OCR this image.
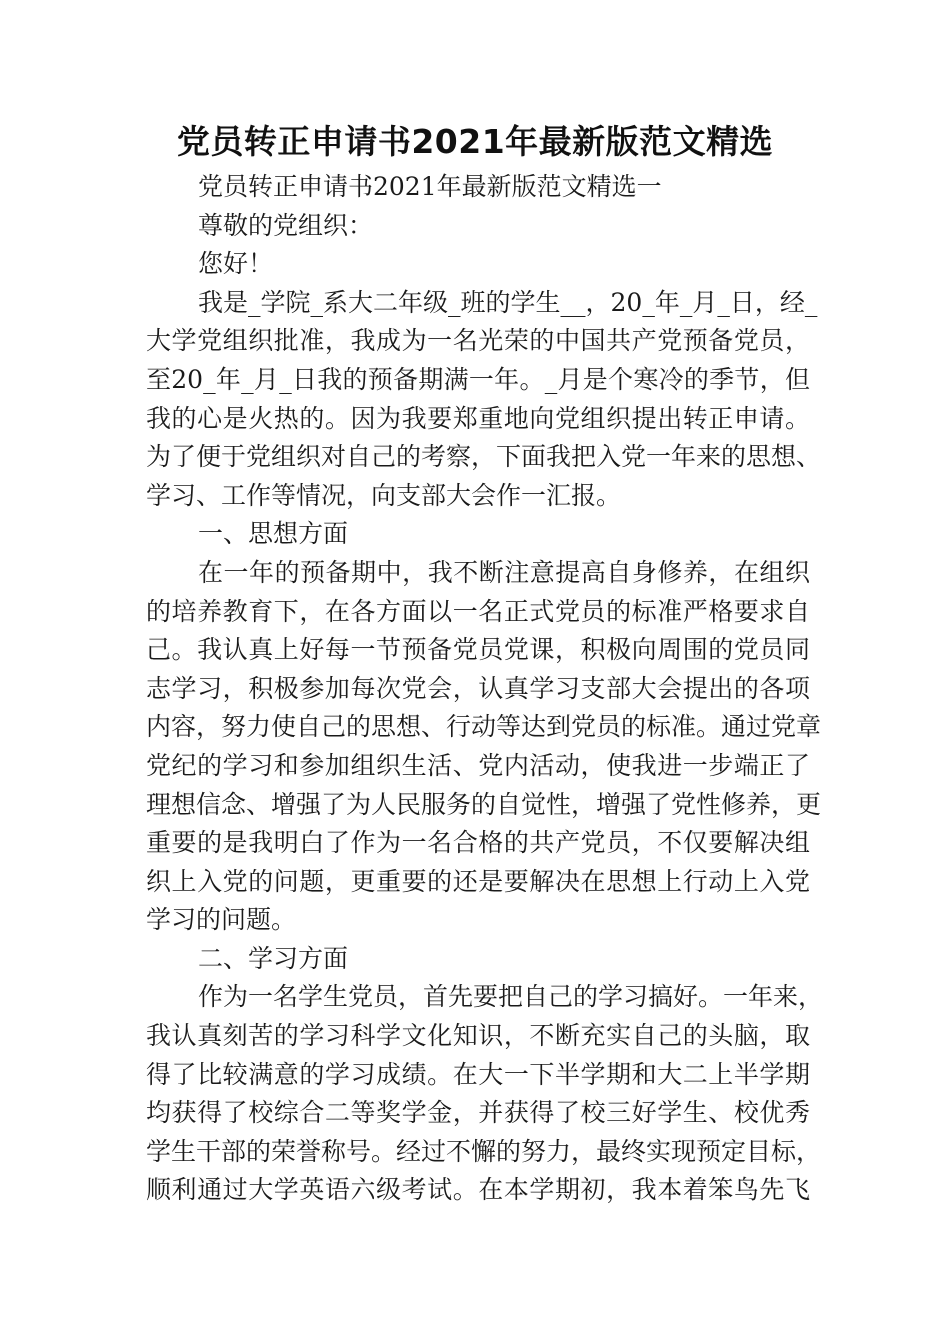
党员转正申请书2021年最新版范文精选
党员转正申请书2021年最新版范文精选一
尊敬的党组织：
您好！
我是_学院_系大二年级_班的学生__，20_年_月_日，经_
大学党组织批准，我成为一名光荣的中国共产党预备党员，
至20_年_月_日我的预备期满一年。_月是个寒冷的季节，但
我的心是火热的。因为我要郑重地向党组织提出转正申请。
为了便于党组织对自己的考察，下面我把入党一年来的思想、
学习、工作等情况，向支部大会作一汇报。
一、思想方面
在一年的预备期中，我不断注意提高自身修养，在组织
的培养教育下，在各方面以一名正式党员的标准严格要求自
己。我认真上好每一节预备党员党课，积极向周围的党员同
志学习，积极参加每次党会，认真学习支部大会提出的各项
内容，努力使自己的思想、行动等达到党员的标准。通过党章
党纪的学习和参加组织生活、党内活动，使我进一步端正了
理想信念、增强了为人民服务的自觉性，增强了党性修养，更
重要的是我明白了作为一名合格的共产党员，不仅要解决组
织上入党的问题，更重要的还是要解决在思想上行动上入党
学习的问题。
二、学习方面
作为一名学生党员，首先要把自己的学习搞好。一年来，
我认真刻苦的学习科学文化知识，不断充实自己的头脑，取
得了比较满意的学习成绩。在大一下半学期和大二上半学期
均获得了校综合二等奖学金，并获得了校三好学生、校优秀
学生干部的荣誉称号。经过不懈的努力，最终实现预定目标，
顺利通过大学英语六级考试。在本学期初，我本着笨鸟先飞
